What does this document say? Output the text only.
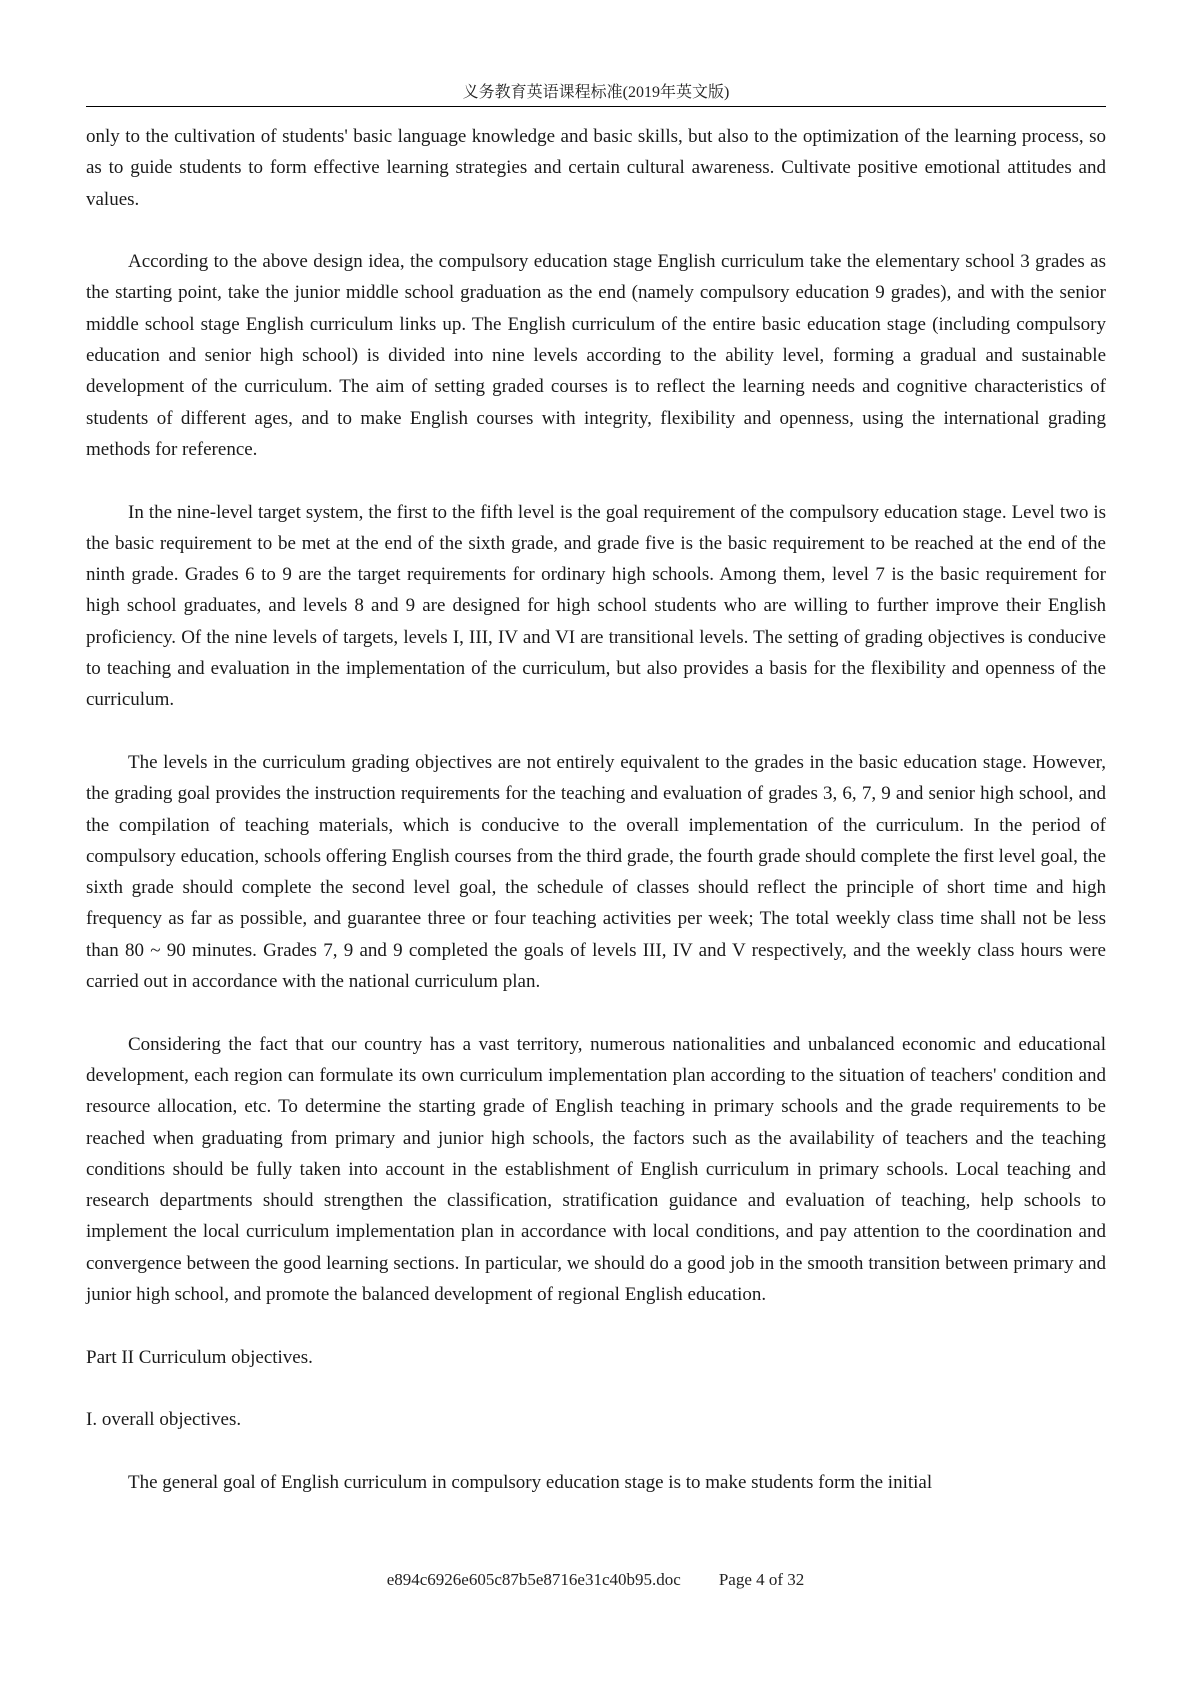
义务教育英语课程标准(2019年英文版)

only to the cultivation of students' basic language knowledge and basic skills, but also to the optimization of the learning process, so as to guide students to form effective learning strategies and certain cultural awareness. Cultivate positive emotional attitudes and values.

According to the above design idea, the compulsory education stage English curriculum take the elementary school 3 grades as the starting point, take the junior middle school graduation as the end (namely compulsory education 9 grades), and with the senior middle school stage English curriculum links up. The English curriculum of the entire basic education stage (including compulsory education and senior high school) is divided into nine levels according to the ability level, forming a gradual and sustainable development of the curriculum. The aim of setting graded courses is to reflect the learning needs and cognitive characteristics of students of different ages, and to make English courses with integrity, flexibility and openness, using the international grading methods for reference.

In the nine-level target system, the first to the fifth level is the goal requirement of the compulsory education stage. Level two is the basic requirement to be met at the end of the sixth grade, and grade five is the basic requirement to be reached at the end of the ninth grade. Grades 6 to 9 are the target requirements for ordinary high schools. Among them, level 7 is the basic requirement for high school graduates, and levels 8 and 9 are designed for high school students who are willing to further improve their English proficiency. Of the nine levels of targets, levels I, III, IV and VI are transitional levels. The setting of grading objectives is conducive to teaching and evaluation in the implementation of the curriculum, but also provides a basis for the flexibility and openness of the curriculum.

The levels in the curriculum grading objectives are not entirely equivalent to the grades in the basic education stage. However, the grading goal provides the instruction requirements for the teaching and evaluation of grades 3, 6, 7, 9 and senior high school, and the compilation of teaching materials, which is conducive to the overall implementation of the curriculum. In the period of compulsory education, schools offering English courses from the third grade, the fourth grade should complete the first level goal, the sixth grade should complete the second level goal, the schedule of classes should reflect the principle of short time and high frequency as far as possible, and guarantee three or four teaching activities per week; The total weekly class time shall not be less than 80 ~ 90 minutes. Grades 7, 9 and 9 completed the goals of levels III, IV and V respectively, and the weekly class hours were carried out in accordance with the national curriculum plan.

Considering the fact that our country has a vast territory, numerous nationalities and unbalanced economic and educational development, each region can formulate its own curriculum implementation plan according to the situation of teachers' condition and resource allocation, etc. To determine the starting grade of English teaching in primary schools and the grade requirements to be reached when graduating from primary and junior high schools, the factors such as the availability of teachers and the teaching conditions should be fully taken into account in the establishment of English curriculum in primary schools. Local teaching and research departments should strengthen the classification, stratification guidance and evaluation of teaching, help schools to implement the local curriculum implementation plan in accordance with local conditions, and pay attention to the coordination and convergence between the good learning sections. In particular, we should do a good job in the smooth transition between primary and junior high school, and promote the balanced development of regional English education.

Part II Curriculum objectives.

I. overall objectives.

The general goal of English curriculum in compulsory education stage is to make students form the initial

e894c6926e605c87b5e8716e31c40b95.doc Page 4 of 32
